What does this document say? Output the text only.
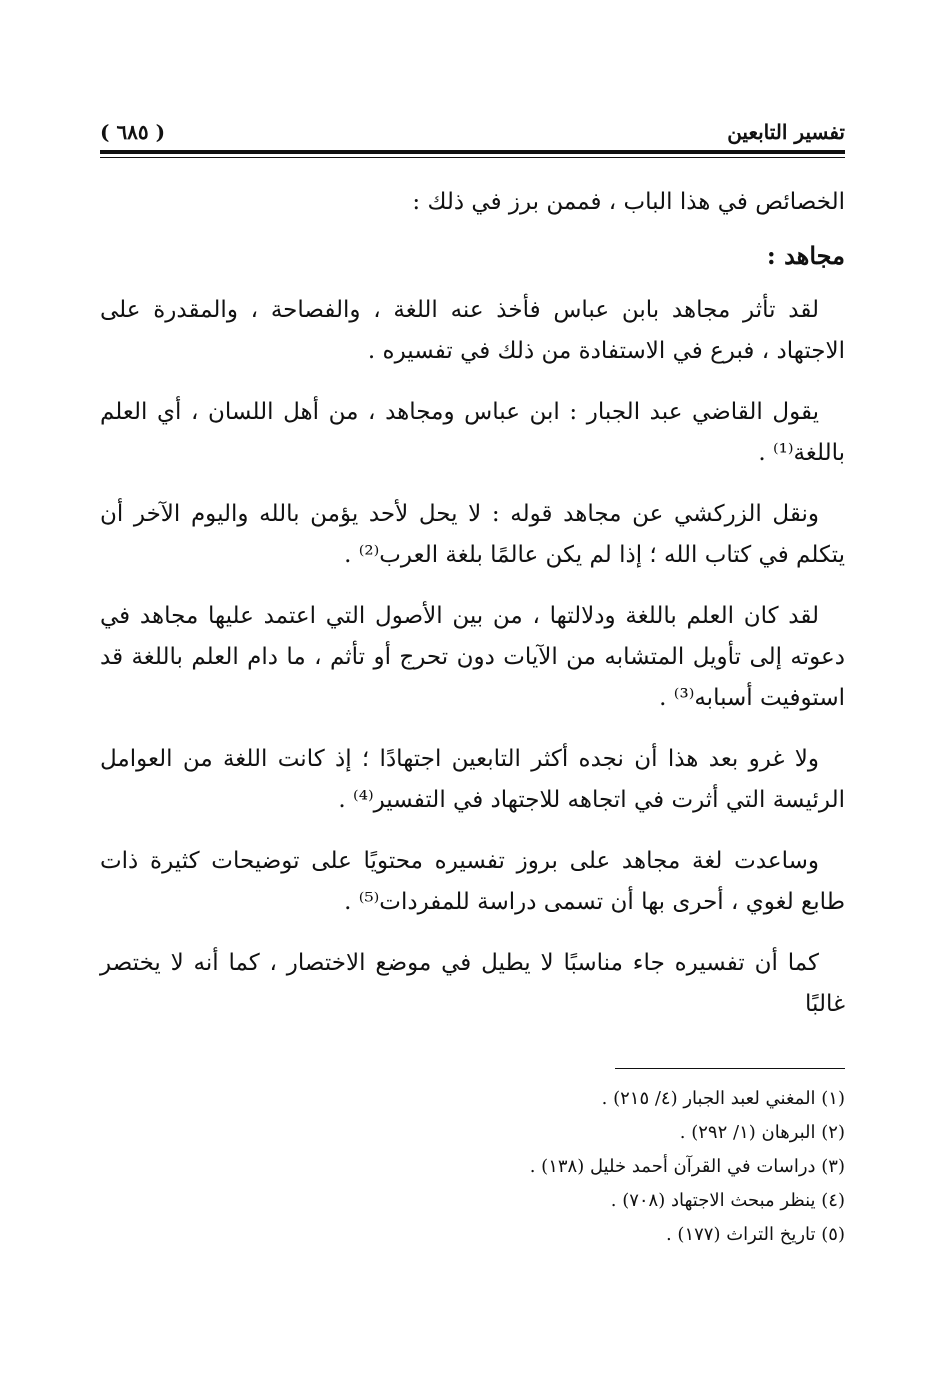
تفسير التابعين
( ٦٨٥ )

الخصائص في هذا الباب ، فممن برز في ذلك :

مجاهد :

لقد تأثر مجاهد بابن عباس فأخذ عنه اللغة ، والفصاحة ، والمقدرة على الاجتهاد ، فبرع في الاستفادة من ذلك في تفسيره .

يقول القاضي عبد الجبار : ابن عباس ومجاهد ، من أهل اللسان ، أي العلم باللغة⁽¹⁾ .

ونقل الزركشي عن مجاهد قوله : لا يحل لأحد يؤمن بالله واليوم الآخر أن يتكلم في كتاب الله ؛ إذا لم يكن عالمًا بلغة العرب⁽²⁾ .

لقد كان العلم باللغة ودلالتها ، من بين الأصول التي اعتمد عليها مجاهد في دعوته إلى تأويل المتشابه من الآيات دون تحرج أو تأثم ، ما دام العلم باللغة قد استوفيت أسبابه⁽³⁾ .

ولا غرو بعد هذا أن نجده أكثر التابعين اجتهادًا ؛ إذ كانت اللغة من العوامل الرئيسة التي أثرت في اتجاهه للاجتهاد في التفسير⁽⁴⁾ .

وساعدت لغة مجاهد على بروز تفسيره محتويًا على توضيحات كثيرة ذات طابع لغوي ، أحرى بها أن تسمى دراسة للمفردات⁽⁵⁾ .

كما أن تفسيره جاء مناسبًا لا يطيل في موضع الاختصار ، كما أنه لا يختصر غالبًا

(١) المغني لعبد الجبار (٤/ ٢١٥) .
(٢) البرهان (١/ ٢٩٢) .
(٣) دراسات في القرآن أحمد خليل (١٣٨) .
(٤) ينظر مبحث الاجتهاد (٧٠٨) .
(٥) تاريخ التراث (١٧٧) .
